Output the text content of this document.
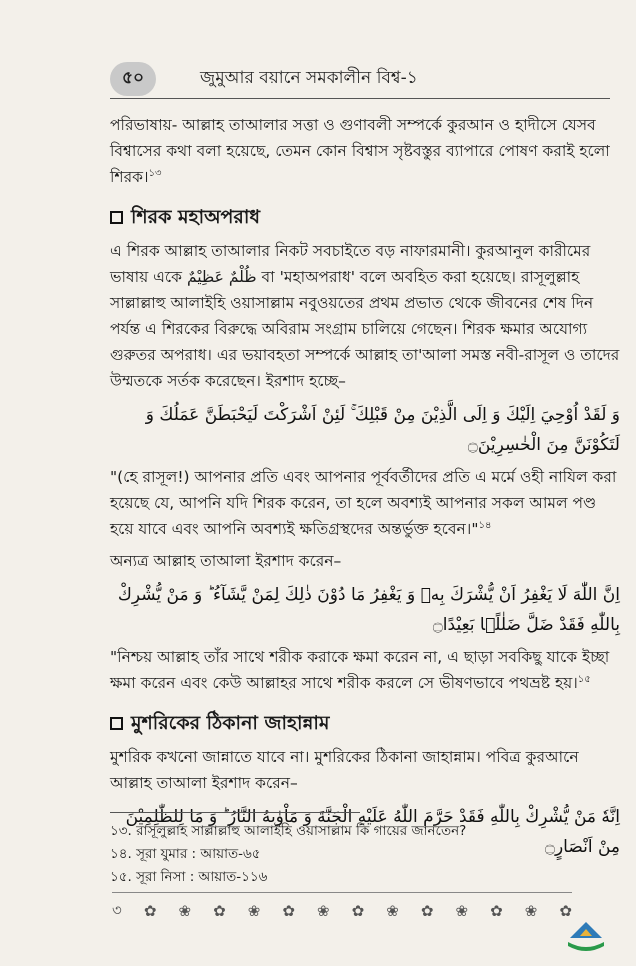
৫০	জুমুআর বয়ানে সমকালীন বিশ্ব-১

পরিভাষায়- আল্লাহ তাআলার সত্তা ও গুণাবলী সম্পর্কে কুরআন ও হাদীসে যেসব বিশ্বাসের কথা বলা হয়েছে, তেমন কোন বিশ্বাস সৃষ্টবস্তুর ব্যাপারে পোষণ করাই হলো শিরক।$^{১৩}$

শিরক মহাঅপরাধ

এ শিরক আল্লাহ তাআলার নিকট সবচাইতে বড় নাফারমানী। কুরআনুল কারীমের ভাষায় একে ظُلْمٌ عَظِيْمٌ বা 'মহাঅপরাধ' বলে অবহিত করা হয়েছে। রাসূলুল্লাহ সাল্লাল্লাহু আলাইহি ওয়াসাল্লাম নবুওয়তের প্রথম প্রভাত থেকে জীবনের শেষ দিন পর্যন্ত এ শিরকের বিরুদ্ধে অবিরাম সংগ্রাম চালিয়ে গেছেন। শিরক ক্ষমার অযোগ্য গুরুতর অপরাধ। এর ভয়াবহতা সম্পর্কে আল্লাহ তা'আলা সমস্ত নবী-রাসূল ও তাদের উম্মতকে সর্তক করেছেন। ইরশাদ হচ্ছে–

وَ لَقَدْ اُوْحِيَ اِلَيْكَ وَ اِلَى الَّذِيْنَ مِنْ قَبْلِكَ ۚ لَئِنْ اَشْرَكْتَ لَيَحْبَطَنَّ عَمَلُكَ وَ لَتَكُوْنَنَّ مِنَ الْخٰسِرِيْنَ۝

"(হে রাসূল!) আপনার প্রতি এবং আপনার পূর্ববর্তীদের প্রতি এ মর্মে ওহী নাযিল করা হয়েছে যে, আপনি যদি শিরক করেন, তা হলে অবশ্যই আপনার সকল আমল পণ্ড হয়ে যাবে এবং আপনি অবশ্যই ক্ষতিগ্রস্থদের অন্তর্ভুক্ত হবেন।"$^{১৪}$

অন্যত্র আল্লাহ তাআলা ইরশাদ করেন–

اِنَّ اللّٰهَ لَا يَغْفِرُ اَنْ يُّشْرَكَ بِهٖ وَ يَغْفِرُ مَا دُوْنَ ذٰلِكَ لِمَنْ يَّشَآءُ ؕ وَ مَنْ يُّشْرِكْ بِاللّٰهِ فَقَدْ ضَلَّ ضَلٰلًۢا بَعِيْدًا۝

"নিশ্চয় আল্লাহ তাঁর সাথে শরীক করাকে ক্ষমা করেন না, এ ছাড়া সবকিছু যাকে ইচ্ছা ক্ষমা করেন এবং কেউ আল্লাহর সাথে শরীক করলে সে ভীষণভাবে পথভ্রষ্ট হয়।$^{১৫}$

মুশরিকের ঠিকানা জাহান্নাম

মুশরিক কখনো জান্নাতে যাবে না। মুশরিকের ঠিকানা জাহান্নাম। পবিত্র কুরআনে আল্লাহ তাআলা ইরশাদ করেন–

اِنَّهٗ مَنْ يُّشْرِكْ بِاللّٰهِ فَقَدْ حَرَّمَ اللّٰهُ عَلَيْهِ الْجَنَّةَ وَ مَاْوٰىهُ النَّارُ ؕ وَ مَا لِلظّٰلِمِيْنَ مِنْ اَنْصَارٍ۝
১৩. রাসূলুল্লাহ সাল্লাল্লাহু আলাইহি ওয়াসাল্লাম কি গায়ের জানতেন?
১৪. সূরা যুমার : আয়াত-৬৫
১৫. সূরা নিসা : আয়াত-১১৬
৩ ✿ ❀ ✿ ❀ ✿ ❀ ✿ ❀ ✿ ❀ ✿ ❀ ✿
